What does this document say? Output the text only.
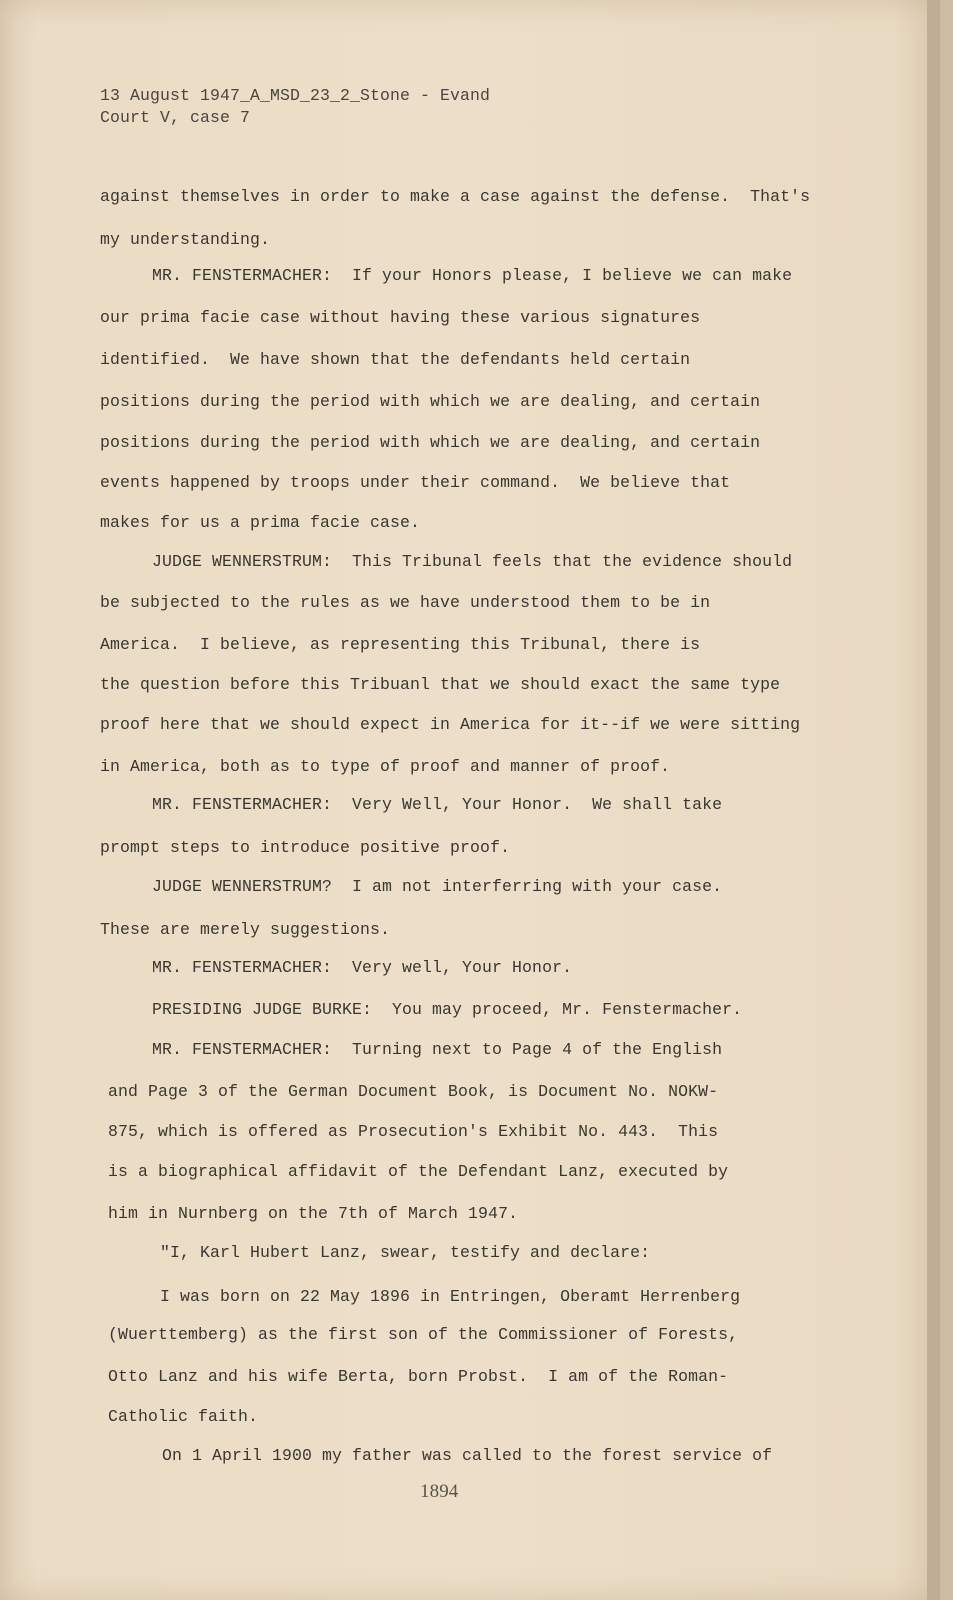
13 August 1947_A_MSD_23_2_Stone - Evand
Court V, case 7
against themselves in order to make a case against the defense.  That's
my understanding.
MR. FENSTERMACHER:  If your Honors please, I believe we can make
our prima facie case without having these various signatures
identified.  We have shown that the defendants held certain
positions during the period with which we are dealing, and certain
positions during the period with which we are dealing, and certain
events happened by troops under their command.  We believe that
makes for us a prima facie case.
JUDGE WENNERSTRUM:  This Tribunal feels that the evidence should
be subjected to the rules as we have understood them to be in
America.  I believe, as representing this Tribunal, there is
the question before this Tribuanl that we should exact the same type
proof here that we should expect in America for it--if we were sitting
in America, both as to type of proof and manner of proof.
MR. FENSTERMACHER:  Very Well, Your Honor.  We shall take
prompt steps to introduce positive proof.
JUDGE WENNERSTRUM?  I am not interferring with your case.
These are merely suggestions.
MR. FENSTERMACHER:  Very well, Your Honor.
PRESIDING JUDGE BURKE:  You may proceed, Mr. Fenstermacher.
MR. FENSTERMACHER:  Turning next to Page 4 of the English
and Page 3 of the German Document Book, is Document No. NOKW-
875, which is offered as Prosecution's Exhibit No. 443.  This
is a biographical affidavit of the Defendant Lanz, executed by
him in Nurnberg on the 7th of March 1947.
"I, Karl Hubert Lanz, swear, testify and declare:
I was born on 22 May 1896 in Entringen, Oberamt Herrenberg
(Wuerttemberg) as the first son of the Commissioner of Forests,
Otto Lanz and his wife Berta, born Probst.  I am of the Roman-
Catholic faith.
On 1 April 1900 my father was called to the forest service of
1894
